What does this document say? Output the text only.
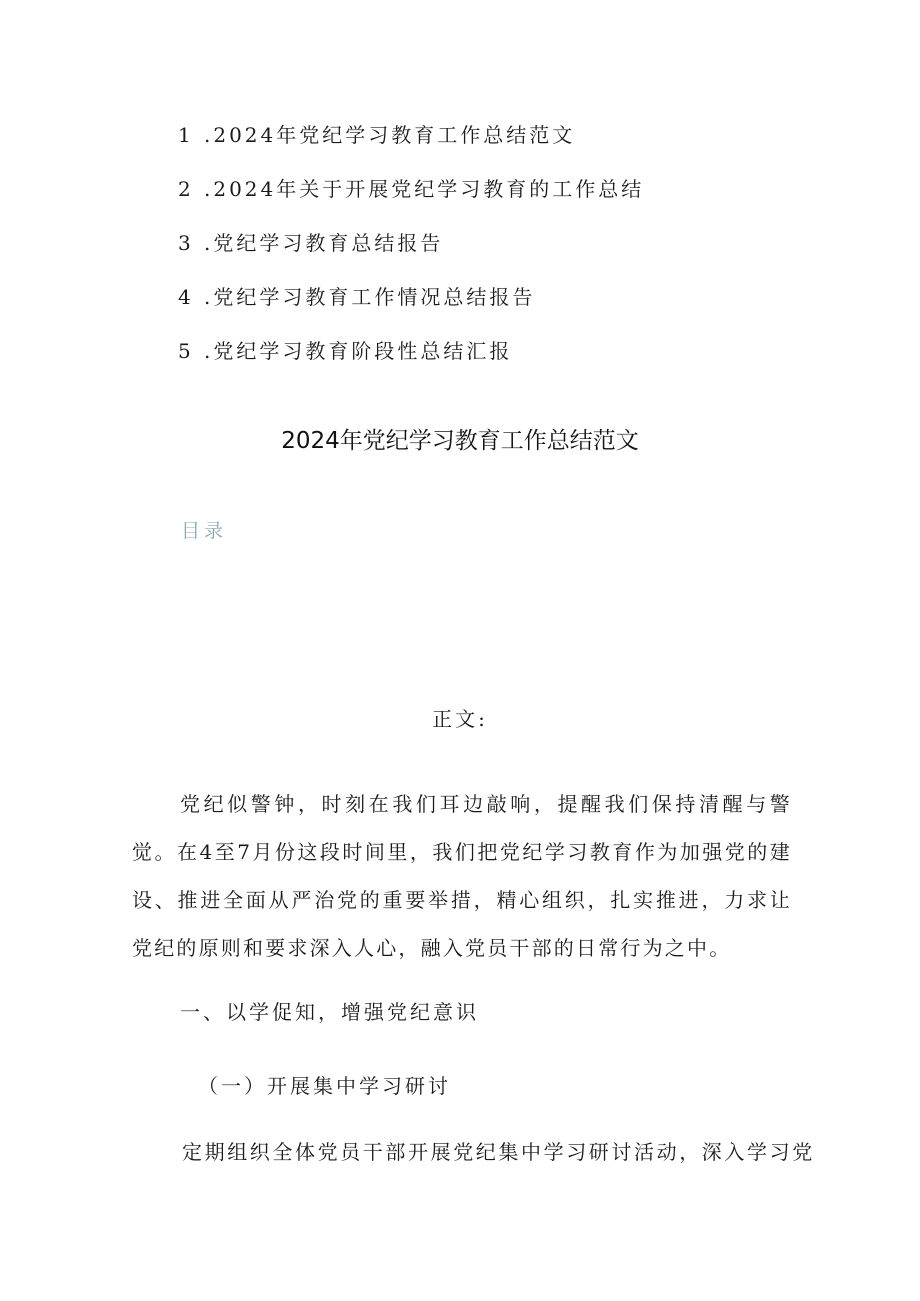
1 .2024年党纪学习教育工作总结范文
2 .2024年关于开展党纪学习教育的工作总结
3 .党纪学习教育总结报告
4 .党纪学习教育工作情况总结报告
5 .党纪学习教育阶段性总结汇报
2024年党纪学习教育工作总结范文
目录
正文:

党纪似警钟，时刻在我们耳边敲响，提醒我们保持清醒与警觉。在4至7月份这段时间里，我们把党纪学习教育作为加强党的建设、推进全面从严治党的重要举措，精心组织，扎实推进，力求让党纪的原则和要求深入人心，融入党员干部的日常行为之中。

一、以学促知，增强党纪意识
（一）开展集中学习研讨
定期组织全体党员干部开展党纪集中学习研讨活动，深入学习党
